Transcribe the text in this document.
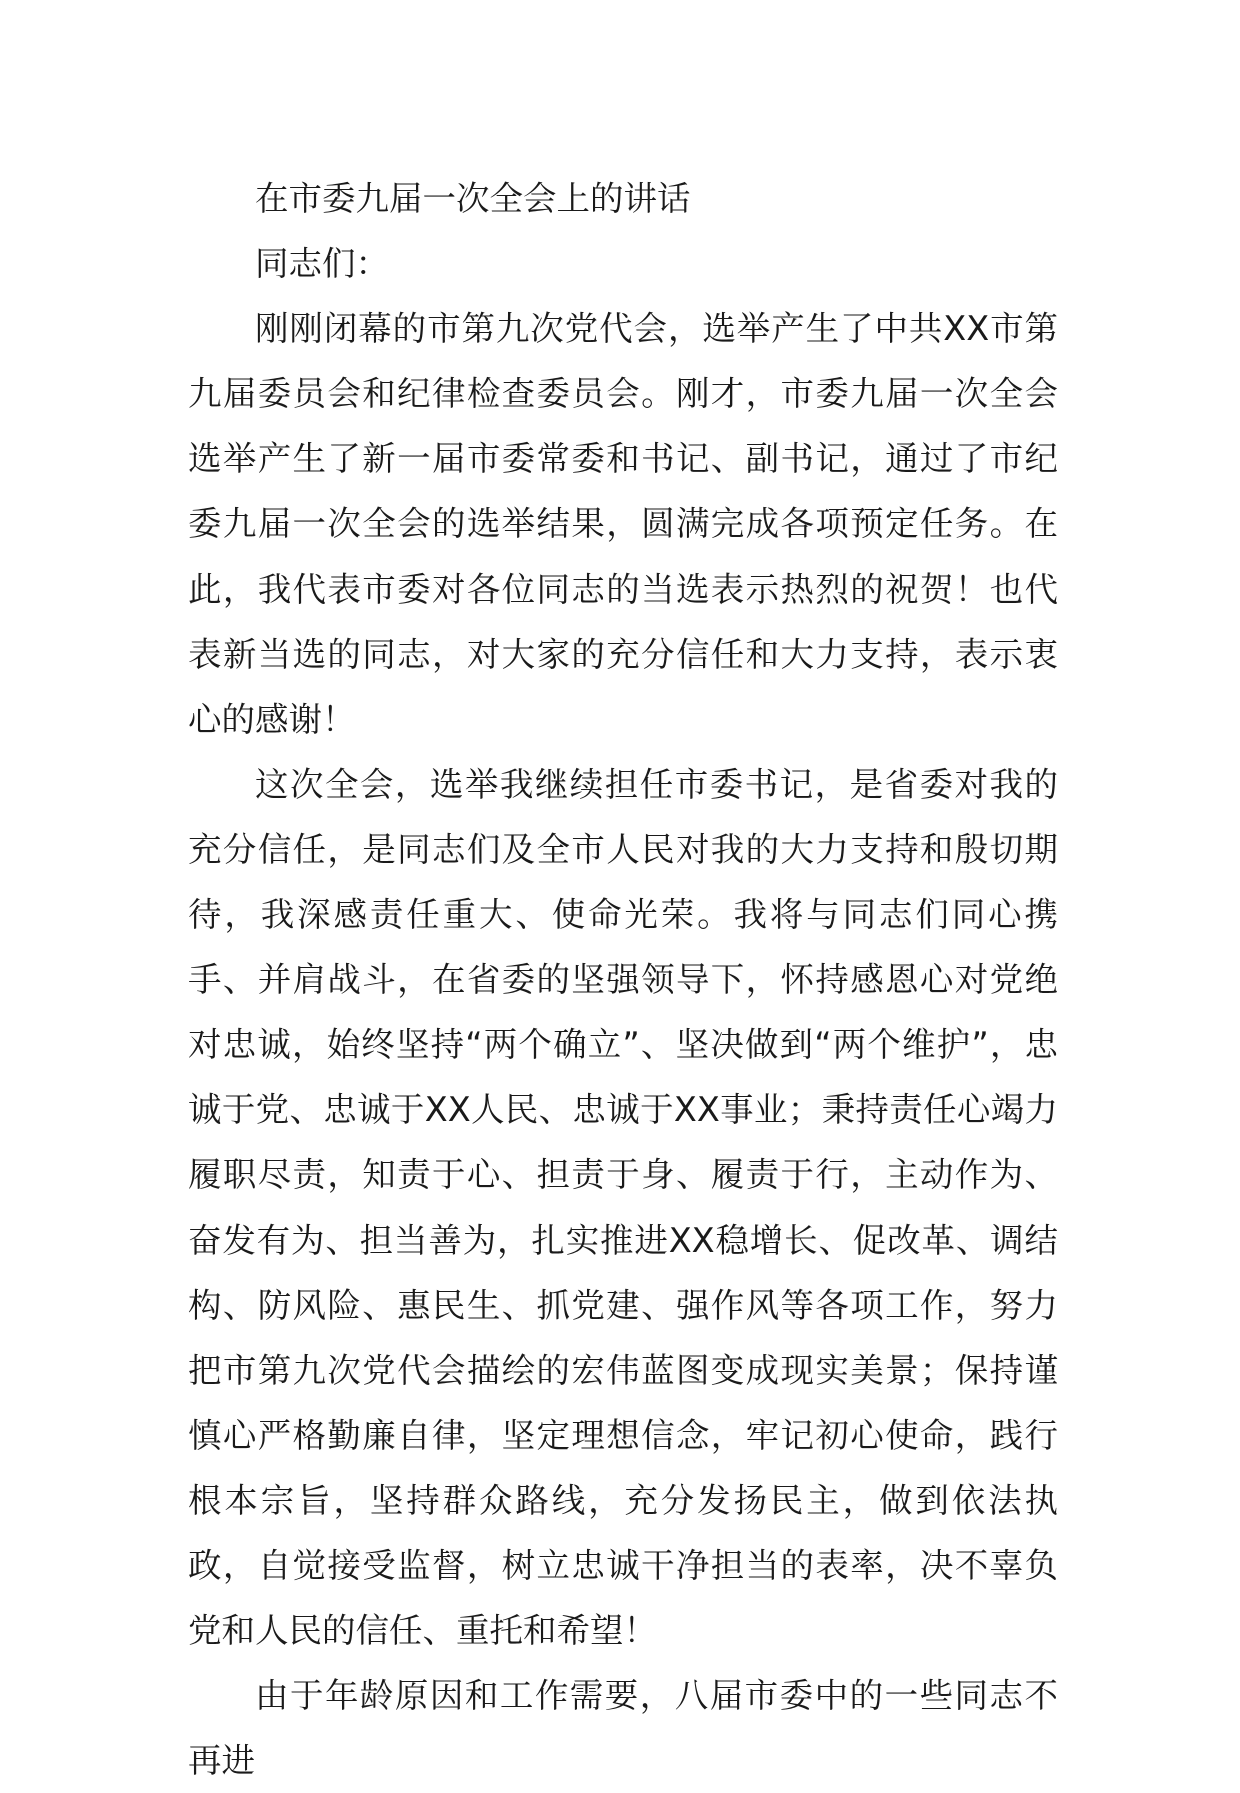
在市委九届一次全会上的讲话

同志们：

刚刚闭幕的市第九次党代会，选举产生了中共XX市第九届委员会和纪律检查委员会。刚才，市委九届一次全会选举产生了新一届市委常委和书记、副书记，通过了市纪委九届一次全会的选举结果，圆满完成各项预定任务。在此，我代表市委对各位同志的当选表示热烈的祝贺！也代表新当选的同志，对大家的充分信任和大力支持，表示衷心的感谢！

这次全会，选举我继续担任市委书记，是省委对我的充分信任，是同志们及全市人民对我的大力支持和殷切期待，我深感责任重大、使命光荣。我将与同志们同心携手、并肩战斗，在省委的坚强领导下，怀持感恩心对党绝对忠诚，始终坚持“两个确立”、坚决做到“两个维护”，忠诚于党、忠诚于XX人民、忠诚于XX事业；秉持责任心竭力履职尽责，知责于心、担责于身、履责于行，主动作为、奋发有为、担当善为，扎实推进XX稳增长、促改革、调结构、防风险、惠民生、抓党建、强作风等各项工作，努力把市第九次党代会描绘的宏伟蓝图变成现实美景；保持谨慎心严格勤廉自律，坚定理想信念，牢记初心使命，践行根本宗旨，坚持群众路线，充分发扬民主，做到依法执政，自觉接受监督，树立忠诚干净担当的表率，决不辜负党和人民的信任、重托和希望！

由于年龄原因和工作需要，八届市委中的一些同志不再进
